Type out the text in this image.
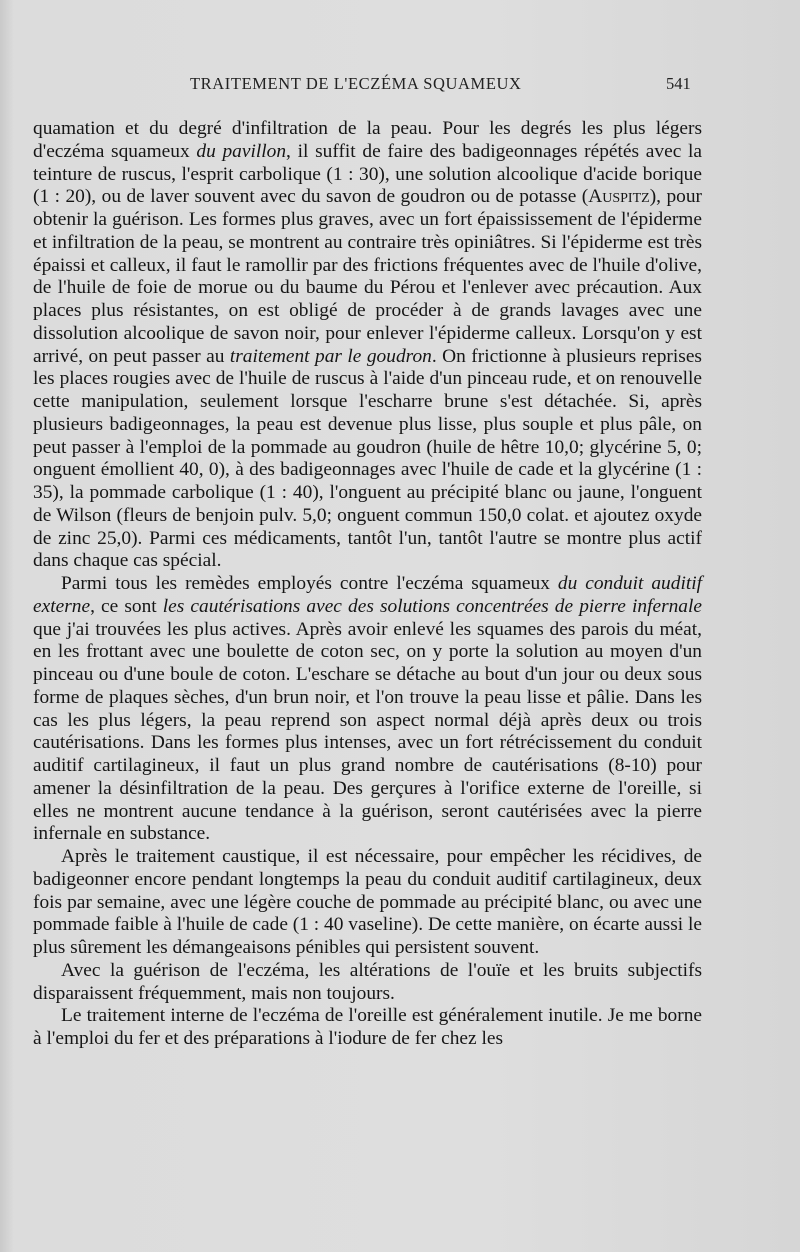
TRAITEMENT DE L'ECZÉMA SQUAMEUX	541

quamation et du degré d'infiltration de la peau. Pour les degrés les plus légers d'eczéma squameux du pavillon, il suffit de faire des badigeonnages répétés avec la teinture de ruscus, l'esprit carbolique (1 : 30), une solution alcoolique d'acide borique (1 : 20), ou de laver souvent avec du savon de goudron ou de potasse (Auspitz), pour obtenir la guérison. Les formes plus graves, avec un fort épaississement de l'épiderme et infiltration de la peau, se montrent au contraire très opiniâtres. Si l'épiderme est très épaissi et calleux, il faut le ramollir par des frictions fréquentes avec de l'huile d'olive, de l'huile de foie de morue ou du baume du Pérou et l'enlever avec précaution. Aux places plus résistantes, on est obligé de procéder à de grands lavages avec une dissolution alcoolique de savon noir, pour enlever l'épiderme calleux. Lorsqu'on y est arrivé, on peut passer au traitement par le goudron. On frictionne à plusieurs reprises les places rougies avec de l'huile de ruscus à l'aide d'un pinceau rude, et on renouvelle cette manipulation, seulement lorsque l'escharre brune s'est détachée. Si, après plusieurs badigeonnages, la peau est devenue plus lisse, plus souple et plus pâle, on peut passer à l'emploi de la pommade au goudron (huile de hêtre 10,0; glycérine 5, 0; onguent émollient 40, 0), à des badigeonnages avec l'huile de cade et la glycérine (1 : 35), la pommade carbolique (1 : 40), l'onguent au précipité blanc ou jaune, l'onguent de Wilson (fleurs de benjoin pulv. 5,0; onguent commun 150,0 colat. et ajoutez oxyde de zinc 25,0). Parmi ces médicaments, tantôt l'un, tantôt l'autre se montre plus actif dans chaque cas spécial.

Parmi tous les remèdes employés contre l'eczéma squameux du conduit auditif externe, ce sont les cautérisations avec des solutions concentrées de pierre infernale que j'ai trouvées les plus actives. Après avoir enlevé les squames des parois du méat, en les frottant avec une boulette de coton sec, on y porte la solution au moyen d'un pinceau ou d'une boule de coton. L'eschare se détache au bout d'un jour ou deux sous forme de plaques sèches, d'un brun noir, et l'on trouve la peau lisse et pâlie. Dans les cas les plus légers, la peau reprend son aspect normal déjà après deux ou trois cautérisations. Dans les formes plus intenses, avec un fort rétrécissement du conduit auditif cartilagineux, il faut un plus grand nombre de cautérisations (8-10) pour amener la désinfiltration de la peau. Des gerçures à l'orifice externe de l'oreille, si elles ne montrent aucune tendance à la guérison, seront cautérisées avec la pierre infernale en substance.

Après le traitement caustique, il est nécessaire, pour empêcher les récidives, de badigeonner encore pendant longtemps la peau du conduit auditif cartilagineux, deux fois par semaine, avec une légère couche de pommade au précipité blanc, ou avec une pommade faible à l'huile de cade (1 : 40 vaseline). De cette manière, on écarte aussi le plus sûrement les démangeaisons pénibles qui persistent souvent.

Avec la guérison de l'eczéma, les altérations de l'ouïe et les bruits subjectifs disparaissent fréquemment, mais non toujours.

Le traitement interne de l'eczéma de l'oreille est généralement inutile. Je me borne à l'emploi du fer et des préparations à l'iodure de fer chez les
